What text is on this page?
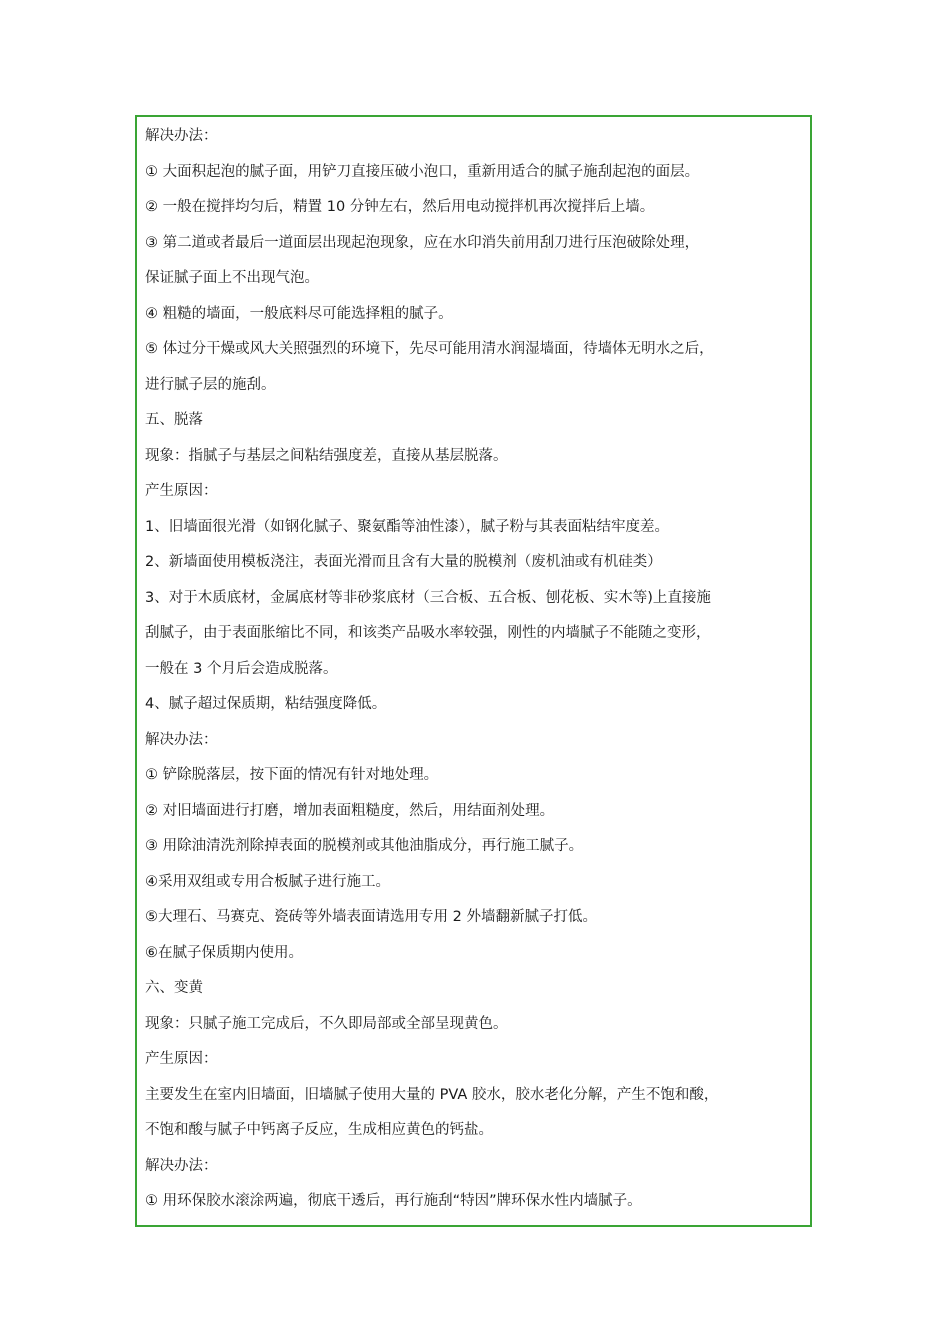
解决办法：
① 大面积起泡的腻子面，用铲刀直接压破小泡口，重新用适合的腻子施刮起泡的面层。
② 一般在搅拌均匀后，精置 10 分钟左右，然后用电动搅拌机再次搅拌后上墙。
③ 第二道或者最后一道面层出现起泡现象，应在水印消失前用刮刀进行压泡破除处理，
保证腻子面上不出现气泡。
④ 粗糙的墙面，一般底料尽可能选择粗的腻子。
⑤ 体过分干燥或风大关照强烈的环境下，先尽可能用清水润湿墙面，待墙体无明水之后，
进行腻子层的施刮。
五、脱落
现象：指腻子与基层之间粘结强度差，直接从基层脱落。
产生原因：
1、旧墙面很光滑（如钢化腻子、聚氨酯等油性漆），腻子粉与其表面粘结牢度差。
2、新墙面使用模板浇注，表面光滑而且含有大量的脱模剂（废机油或有机硅类）
3、对于木质底材，金属底材等非砂浆底材（三合板、五合板、刨花板、实木等)上直接施
刮腻子，由于表面胀缩比不同，和该类产品吸水率较强，刚性的内墙腻子不能随之变形，
一般在 3 个月后会造成脱落。
4、腻子超过保质期，粘结强度降低。
解决办法：
① 铲除脱落层，按下面的情况有针对地处理。
② 对旧墙面进行打磨，增加表面粗糙度，然后，用结面剂处理。
③ 用除油清洗剂除掉表面的脱模剂或其他油脂成分，再行施工腻子。
④采用双组或专用合板腻子进行施工。
⑤大理石、马赛克、瓷砖等外墙表面请选用专用 2 外墙翻新腻子打低。
⑥在腻子保质期内使用。
六、变黄
现象：只腻子施工完成后，不久即局部或全部呈现黄色。
产生原因：
主要发生在室内旧墙面，旧墙腻子使用大量的 PVA 胶水，胶水老化分解，产生不饱和酸，
不饱和酸与腻子中钙离子反应，生成相应黄色的钙盐。
解决办法：
① 用环保胶水滚涂两遍，彻底干透后，再行施刮“特因”牌环保水性内墙腻子。
